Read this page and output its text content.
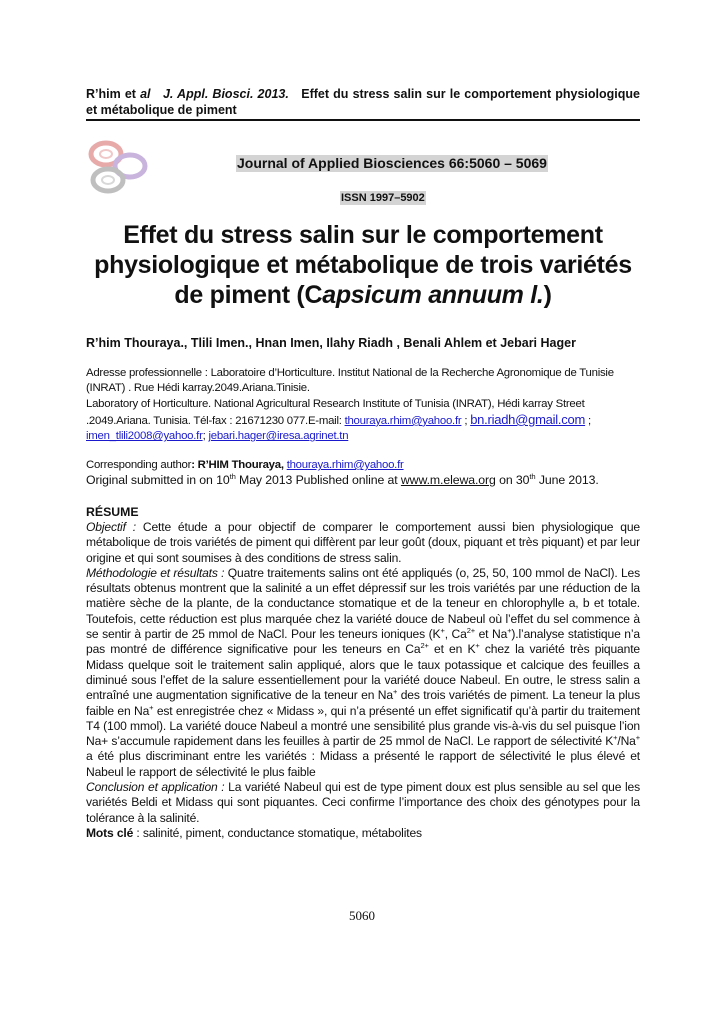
R’him et al J. Appl. Biosci. 2013. Effet du stress salin sur le comportement physiologique et métabolique de piment
Journal of Applied Biosciences 66:5060 – 5069
ISSN 1997–5902
Effet du stress salin sur le comportement physiologique et métabolique de trois variétés de piment (Capsicum annuum l.)
R’him Thouraya., Tlili Imen., Hnan Imen, Ilahy Riadh , Benali Ahlem et Jebari Hager
Adresse professionnelle : Laboratoire d’Horticulture. Institut National de la Recherche Agronomique de Tunisie (INRAT) . Rue Hédi karray.2049.Ariana.Tinisie.
Laboratory of Horticulture. National Agricultural Research Institute of Tunisia (INRAT), Hédi karray Street .2049.Ariana. Tunisia. Tél-fax : 21671230 077.E-mail: thouraya.rhim@yahoo.fr ; bn.riadh@gmail.com ; imen_tlili2008@yahoo.fr; jebari.hager@iresa.agrinet.tn
Corresponding author: R’HIM Thouraya, thouraya.rhim@yahoo.fr
Original submitted in on 10th May 2013 Published online at www.m.elewa.org on 30th June 2013.
RÉSUME

Objectif : Cette étude a pour objectif de comparer le comportement aussi bien physiologique que métabolique de trois variétés de piment qui diffèrent par leur goût (doux, piquant et très piquant) et par leur origine et qui sont soumises à des conditions de stress salin.

Méthodologie et résultats : Quatre traitements salins ont été appliqués (o, 25, 50, 100 mmol de NaCl). Les résultats obtenus montrent que la salinité a un effet dépressif sur les trois variétés par une réduction de la matière sèche de la plante, de la conductance stomatique et de la teneur en chlorophylle a, b et totale. Toutefois, cette réduction est plus marquée chez la variété douce de Nabeul où l’effet du sel commence à se sentir à partir de 25 mmol de NaCl. Pour les teneurs ioniques (K+, $Ca^{2+}$ et Na+).l’analyse statistique n’a pas montré de différence significative pour les teneurs en $Ca^{2+}$ et en K+ chez la variété très piquante Midass quelque soit le traitement salin appliqué, alors que le taux potassique et calcique des feuilles a diminué sous l’effet de la salure essentiellement pour la variété douce Nabeul. En outre, le stress salin a entraîné une augmentation significative de la teneur en Na+ des trois variétés de piment. La teneur la plus faible en Na+ est enregistrée chez « Midass », qui n’a présenté un effet significatif qu’à partir du traitement T4 (100 mmol). La variété douce Nabeul a montré une sensibilité plus grande vis-à-vis du sel puisque l’ion Na+ s’accumule rapidement dans les feuilles à partir de 25 mmol de NaCl. Le rapport de sélectivité K+/Na+ a été plus discriminant entre les variétés : Midass a présenté le rapport de sélectivité le plus élevé et Nabeul le rapport de sélectivité le plus faible

Conclusion et application : La variété Nabeul qui est de type piment doux est plus sensible au sel que les variétés Beldi et Midass qui sont piquantes. Ceci confirme l’importance des choix des génotypes pour la tolérance à la salinité.

Mots clé : salinité, piment, conductance stomatique, métabolites

5060
